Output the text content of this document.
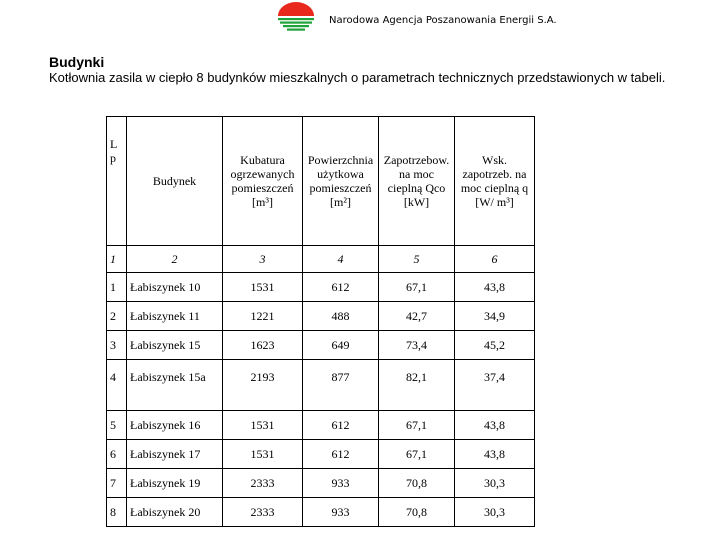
Narodowa Agencja Poszanowania Energii S.A.
Budynki
Kotłownia zasila w ciepło 8 budynków mieszkalnych o parametrach technicznych przedstawionych w tabeli.
L p	Budynek	Kubatura ogrzewanych pomieszczeń [m³]	Powierzchnia użytkowa pomieszczeń [m²]	Zapotrzebow. na moc cieplną Qco [kW]	Wsk. zapotrzeb. na moc cieplną q [W/ m³]
1	2	3	4	5	6
1	Łabiszynek 10	1531	612	67,1	43,8
2	Łabiszynek 11	1221	488	42,7	34,9
3	Łabiszynek 15	1623	649	73,4	45,2
4	Łabiszynek 15a	2193	877	82,1	37,4
5	Łabiszynek 16	1531	612	67,1	43,8
6	Łabiszynek 17	1531	612	67,1	43,8
7	Łabiszynek 19	2333	933	70,8	30,3
8	Łabiszynek 20	2333	933	70,8	30,3
